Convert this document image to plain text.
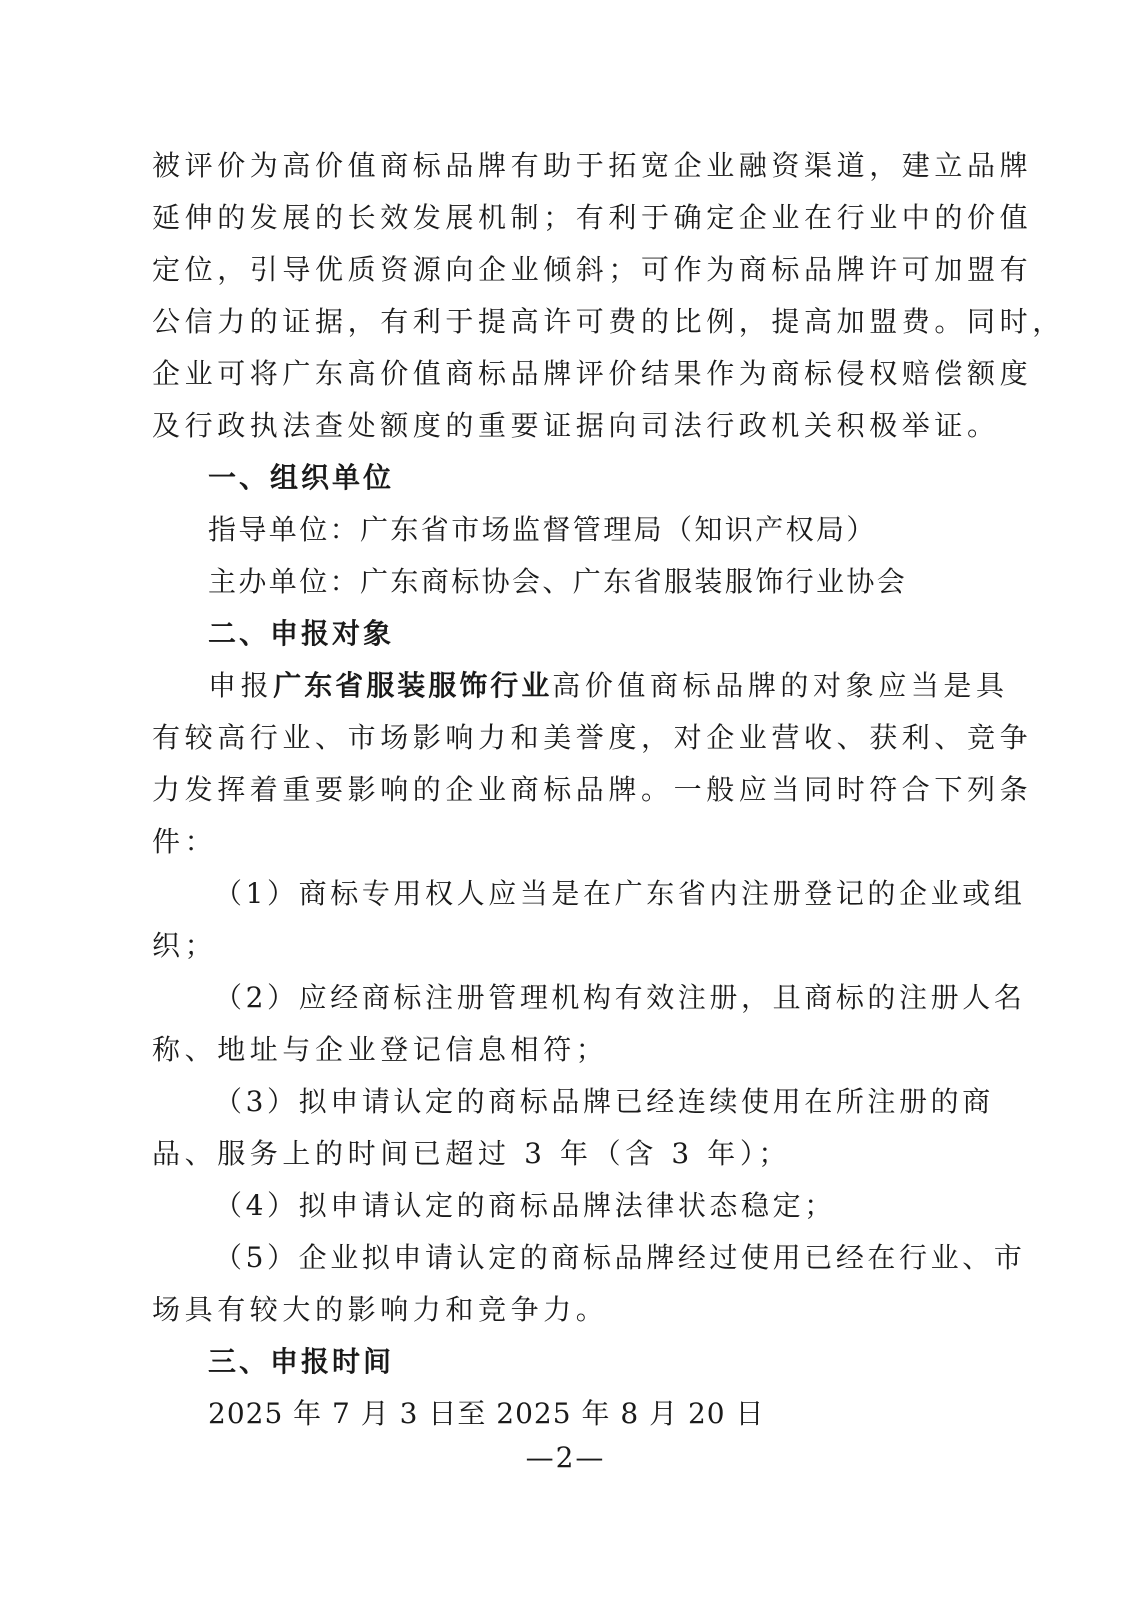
被评价为高价值商标品牌有助于拓宽企业融资渠道，建立品牌
延伸的发展的长效发展机制；有利于确定企业在行业中的价值
定位，引导优质资源向企业倾斜；可作为商标品牌许可加盟有
公信力的证据，有利于提高许可费的比例，提高加盟费。同时，
企业可将广东高价值商标品牌评价结果作为商标侵权赔偿额度
及行政执法查处额度的重要证据向司法行政机关积极举证。
一、组织单位
指导单位：广东省市场监督管理局（知识产权局）
主办单位：广东商标协会、广东省服装服饰行业协会
二、申报对象
申报广东省服装服饰行业高价值商标品牌的对象应当是具
有较高行业、市场影响力和美誉度，对企业营收、获利、竞争
力发挥着重要影响的企业商标品牌。一般应当同时符合下列条
件：
（1）商标专用权人应当是在广东省内注册登记的企业或组
织；
（2）应经商标注册管理机构有效注册，且商标的注册人名
称、地址与企业登记信息相符；
（3）拟申请认定的商标品牌已经连续使用在所注册的商
品、服务上的时间已超过 3 年（含 3 年）；
（4）拟申请认定的商标品牌法律状态稳定；
（5）企业拟申请认定的商标品牌经过使用已经在行业、市
场具有较大的影响力和竞争力。
三、申报时间
2025 年 7 月 3 日至 2025 年 8 月 20 日
—2—
